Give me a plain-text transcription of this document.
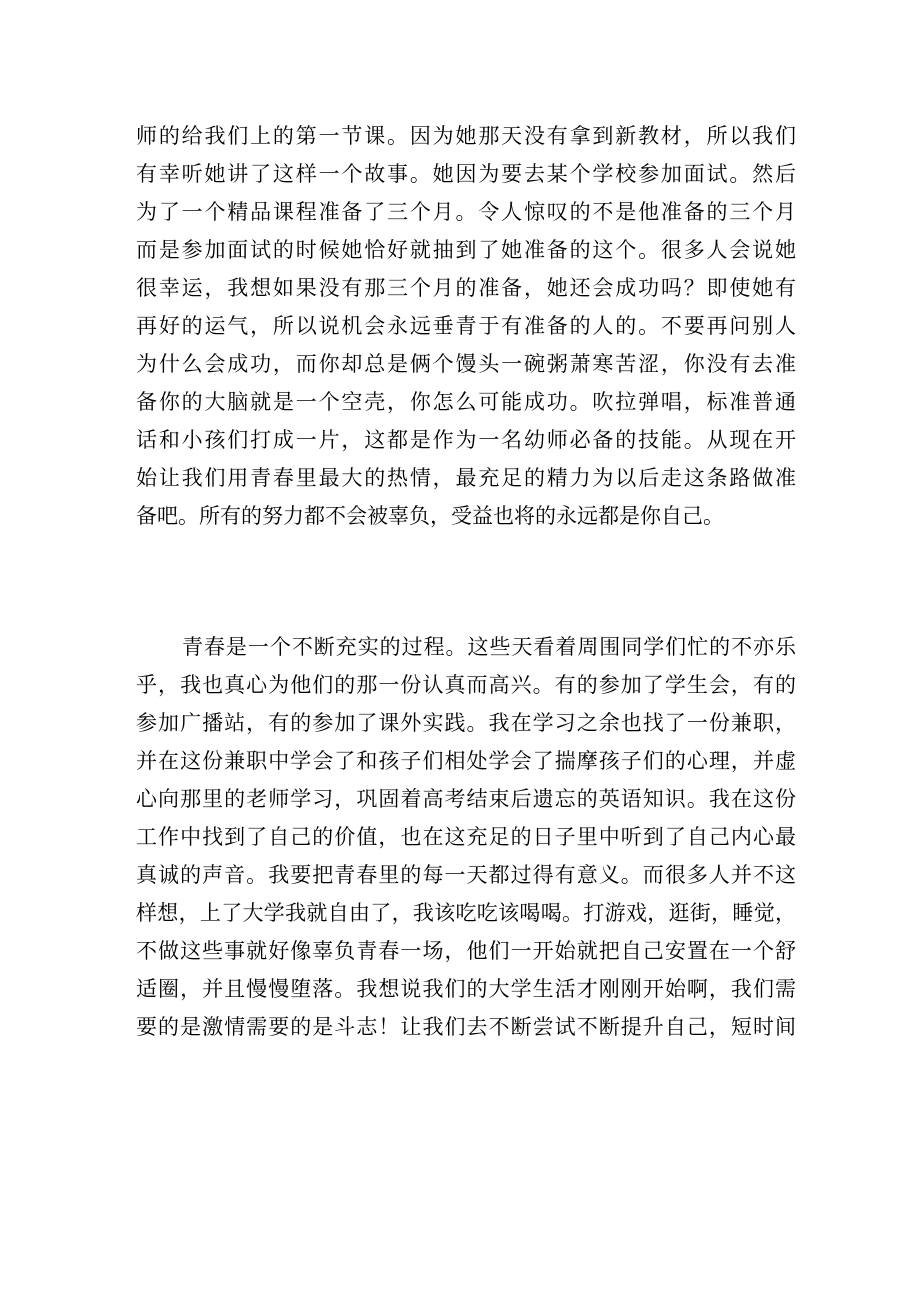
师的给我们上的第一节课。因为她那天没有拿到新教材，所以我们
有幸听她讲了这样一个故事。她因为要去某个学校参加面试。然后
为了一个精品课程准备了三个月。令人惊叹的不是他准备的三个月
而是参加面试的时候她恰好就抽到了她准备的这个。很多人会说她
很幸运，我想如果没有那三个月的准备，她还会成功吗？即使她有
再好的运气，所以说机会永远垂青于有准备的人的。不要再问别人
为什么会成功，而你却总是俩个馒头一碗粥萧寒苦涩，你没有去准
备你的大脑就是一个空壳，你怎么可能成功。吹拉弹唱，标准普通
话和小孩们打成一片，这都是作为一名幼师必备的技能。从现在开
始让我们用青春里最大的热情，最充足的精力为以后走这条路做准
备吧。所有的努力都不会被辜负，受益也将的永远都是你自己。

青春是一个不断充实的过程。这些天看着周围同学们忙的不亦乐
乎，我也真心为他们的那一份认真而高兴。有的参加了学生会，有的
参加广播站，有的参加了课外实践。我在学习之余也找了一份兼职，
并在这份兼职中学会了和孩子们相处学会了揣摩孩子们的心理，并虚
心向那里的老师学习，巩固着高考结束后遗忘的英语知识。我在这份
工作中找到了自己的价值，也在这充足的日子里中听到了自己内心最
真诚的声音。我要把青春里的每一天都过得有意义。而很多人并不这
样想，上了大学我就自由了，我该吃吃该喝喝。打游戏，逛街，睡觉，
不做这些事就好像辜负青春一场，他们一开始就把自己安置在一个舒
适圈，并且慢慢堕落。我想说我们的大学生活才刚刚开始啊，我们需
要的是激情需要的是斗志！让我们去不断尝试不断提升自己，短时间
